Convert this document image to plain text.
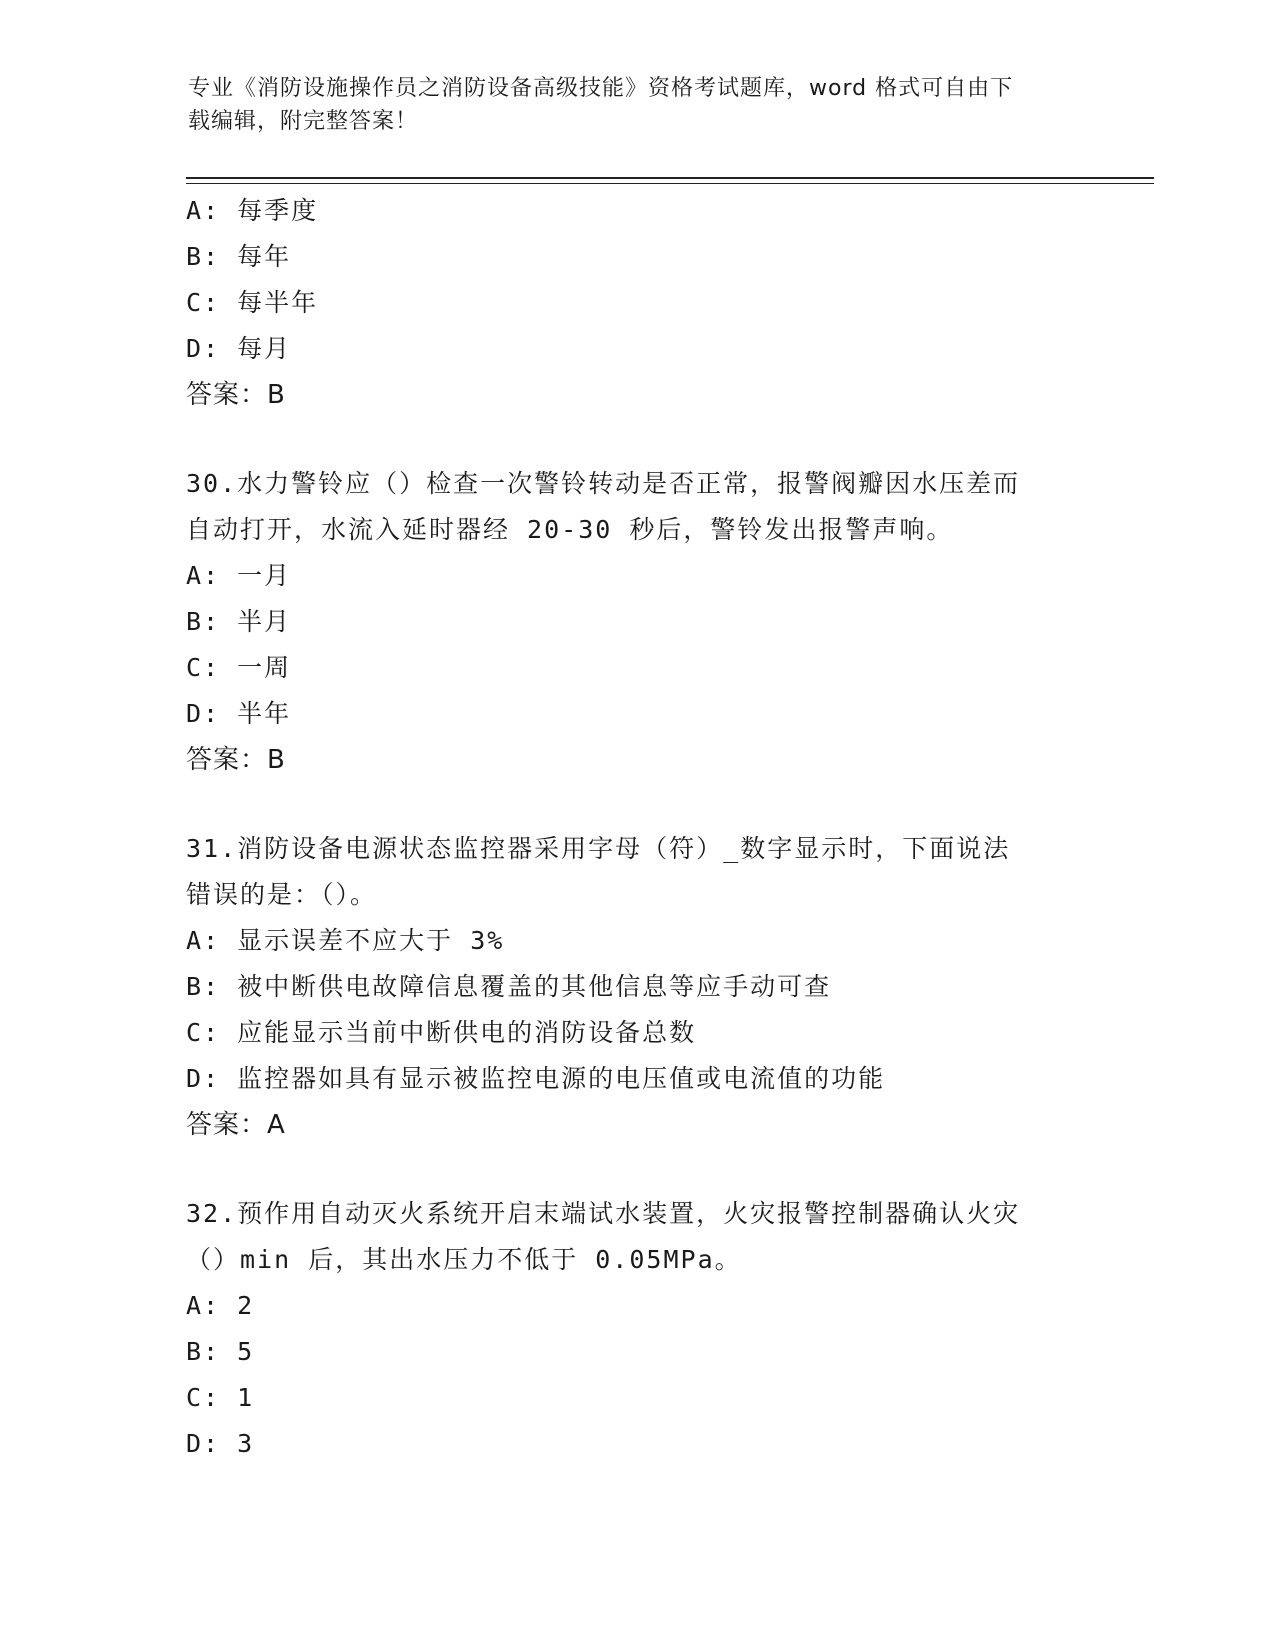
专业《消防设施操作员之消防设备高级技能》资格考试题库，word 格式可自由下
载编辑，附完整答案！
A: 每季度
B: 每年
C: 每半年
D: 每月
答案：B
30.水力警铃应（）检查一次警铃转动是否正常，报警阀瓣因水压差而
自动打开，水流入延时器经 20-30 秒后，警铃发出报警声响。
A: 一月
B: 半月
C: 一周
D: 半年
答案：B
31.消防设备电源状态监控器采用字母（符）_数字显示时，下面说法
错误的是：（）。
A: 显示误差不应大于 3%
B: 被中断供电故障信息覆盖的其他信息等应手动可查
C: 应能显示当前中断供电的消防设备总数
D: 监控器如具有显示被监控电源的电压值或电流值的功能
答案：A
32.预作用自动灭火系统开启末端试水装置，火灾报警控制器确认火灾
（）min 后，其出水压力不低于 0.05MPa。
A: 2
B: 5
C: 1
D: 3
